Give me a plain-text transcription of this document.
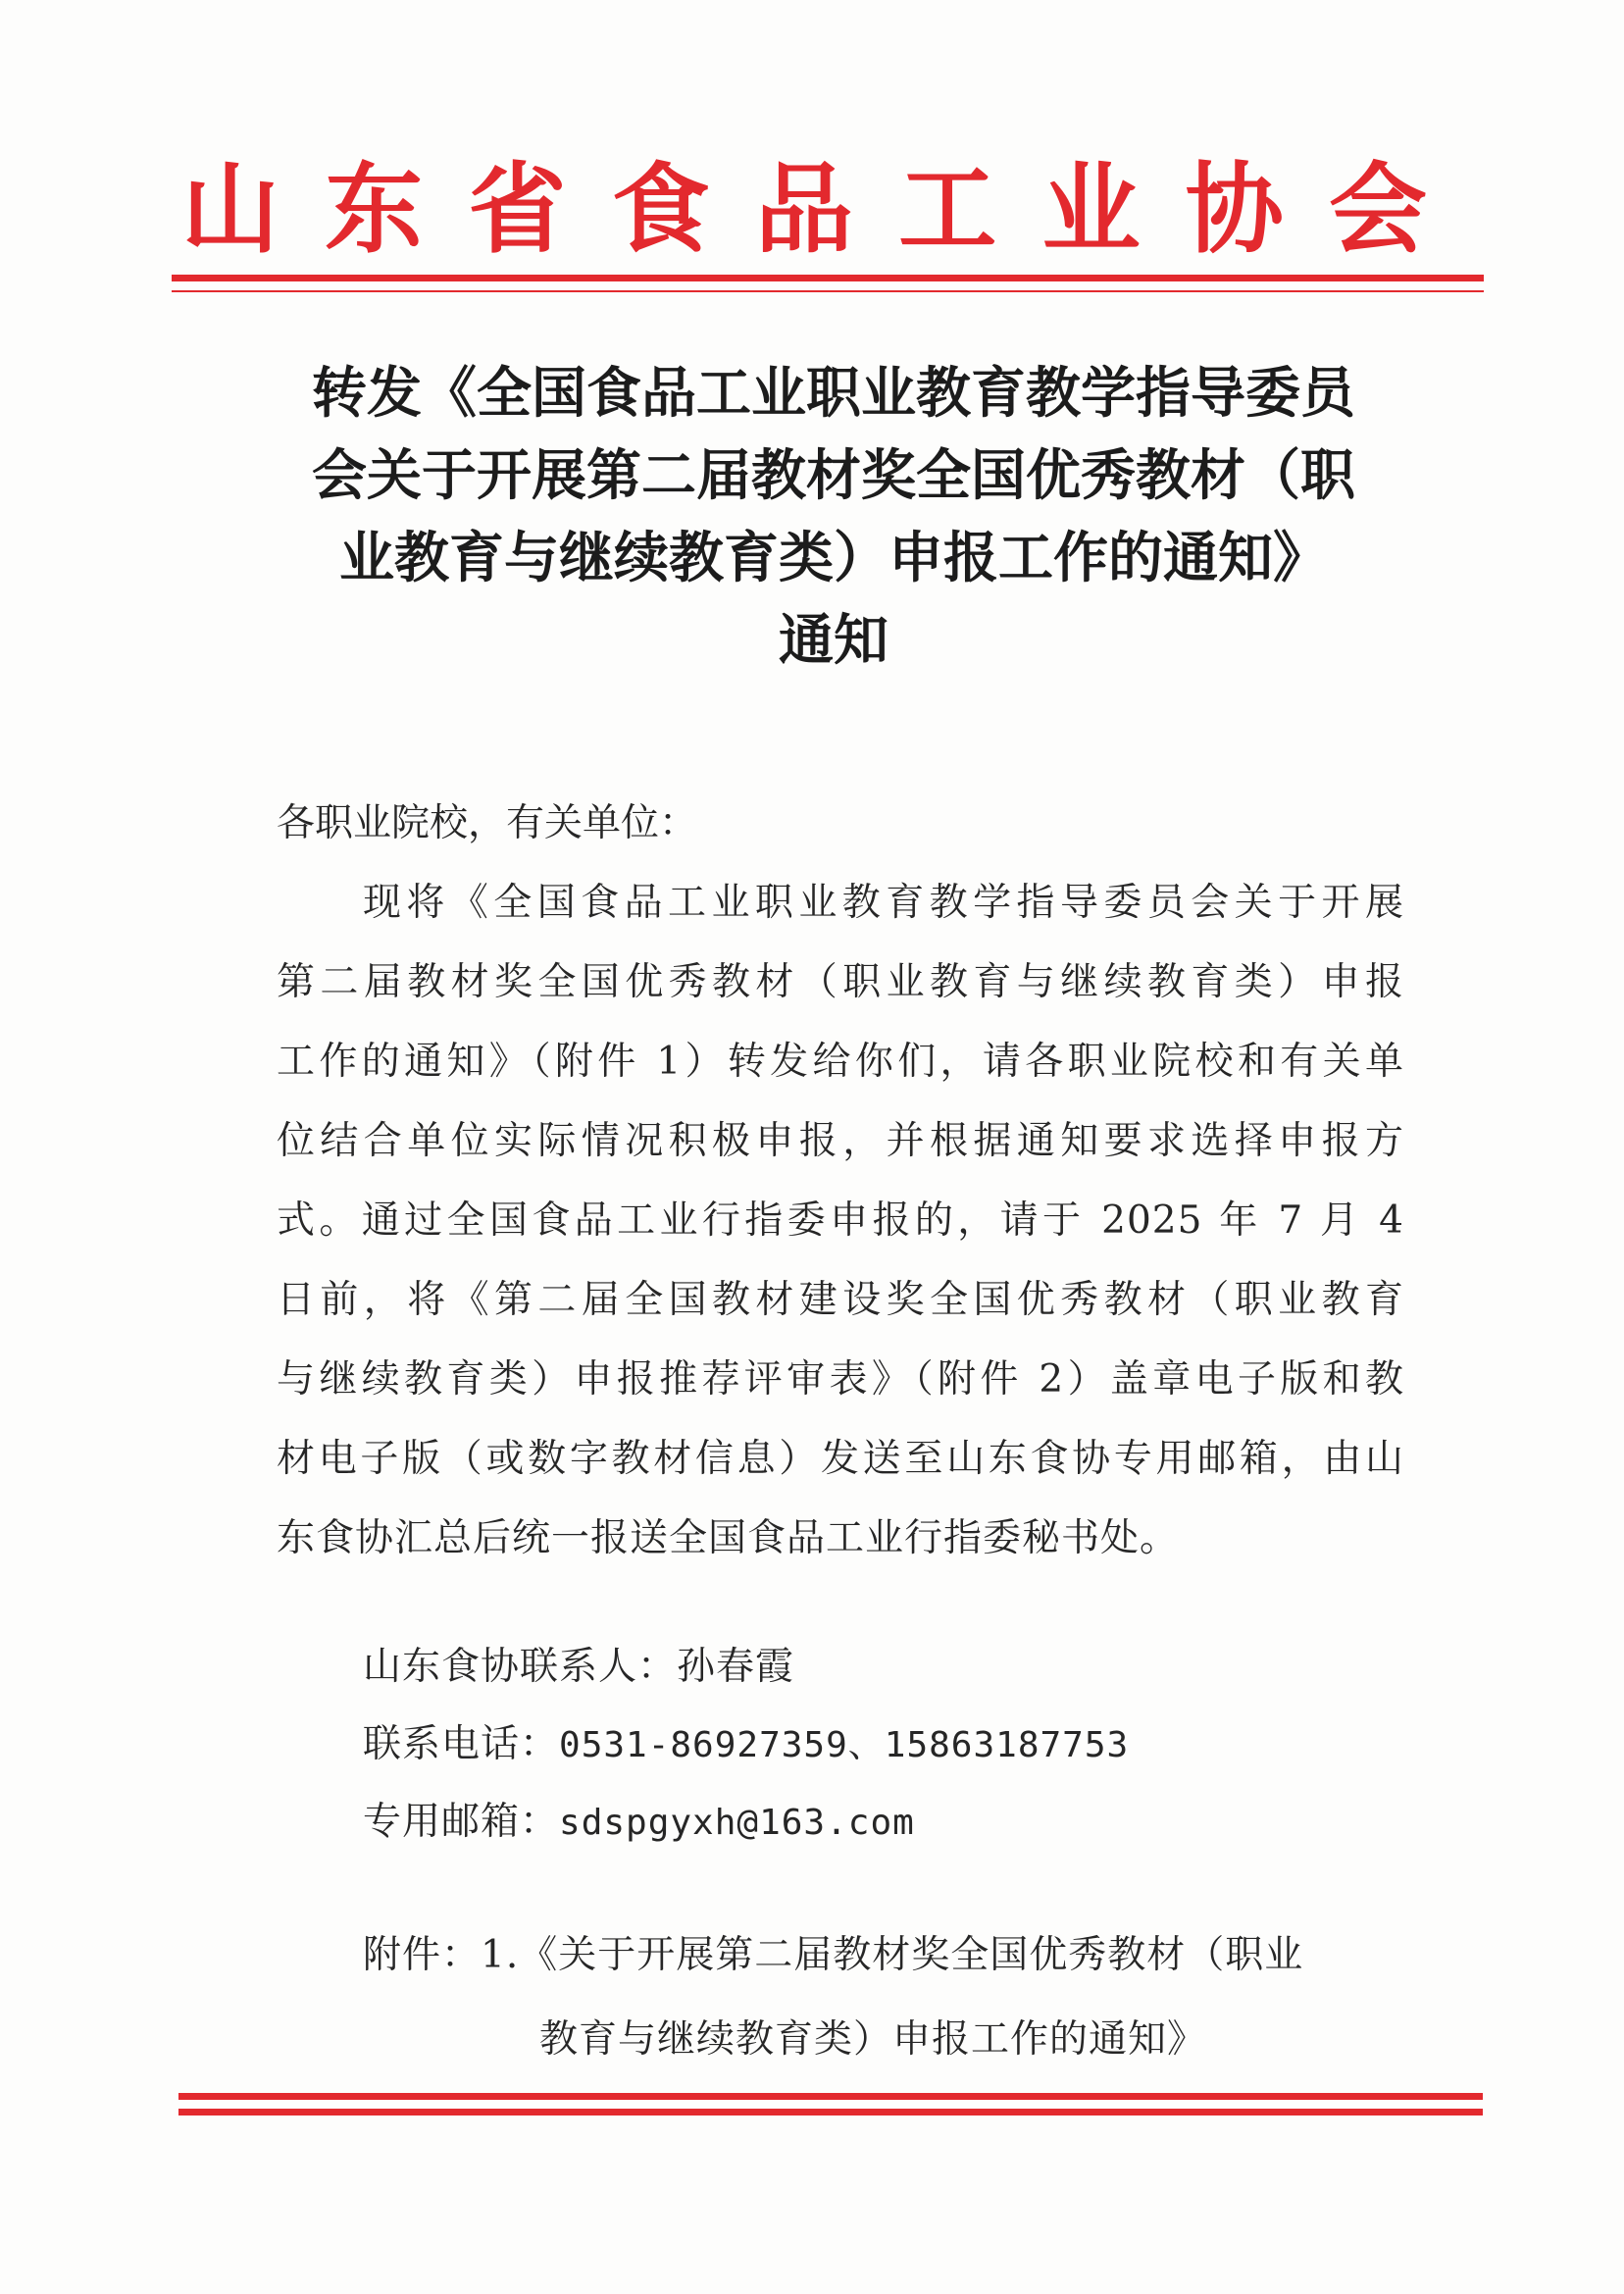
山 东 省 食 品 工 业 协 会
转发《全国食品工业职业教育教学指导委员
会关于开展第二届教材奖全国优秀教材（职
业教育与继续教育类）申报工作的通知》
通知
各职业院校，有关单位：
现将《全国食品工业职业教育教学指导委员会关于开展
第二届教材奖全国优秀教材（职业教育与继续教育类）申报
工作的通知》（附件 1）转发给你们，请各职业院校和有关单
位结合单位实际情况积极申报，并根据通知要求选择申报方
式。通过全国食品工业行指委申报的，请于 2025 年 7 月 4
日前，将《第二届全国教材建设奖全国优秀教材（职业教育
与继续教育类）申报推荐评审表》（附件 2）盖章电子版和教
材电子版（或数字教材信息）发送至山东食协专用邮箱，由山
东食协汇总后统一报送全国食品工业行指委秘书处。
山东食协联系人：孙春霞
联系电话：0531-86927359、15863187753
专用邮箱：sdspgyxh@163.com
附件：1.《关于开展第二届教材奖全国优秀教材（职业
教育与继续教育类）申报工作的通知》
